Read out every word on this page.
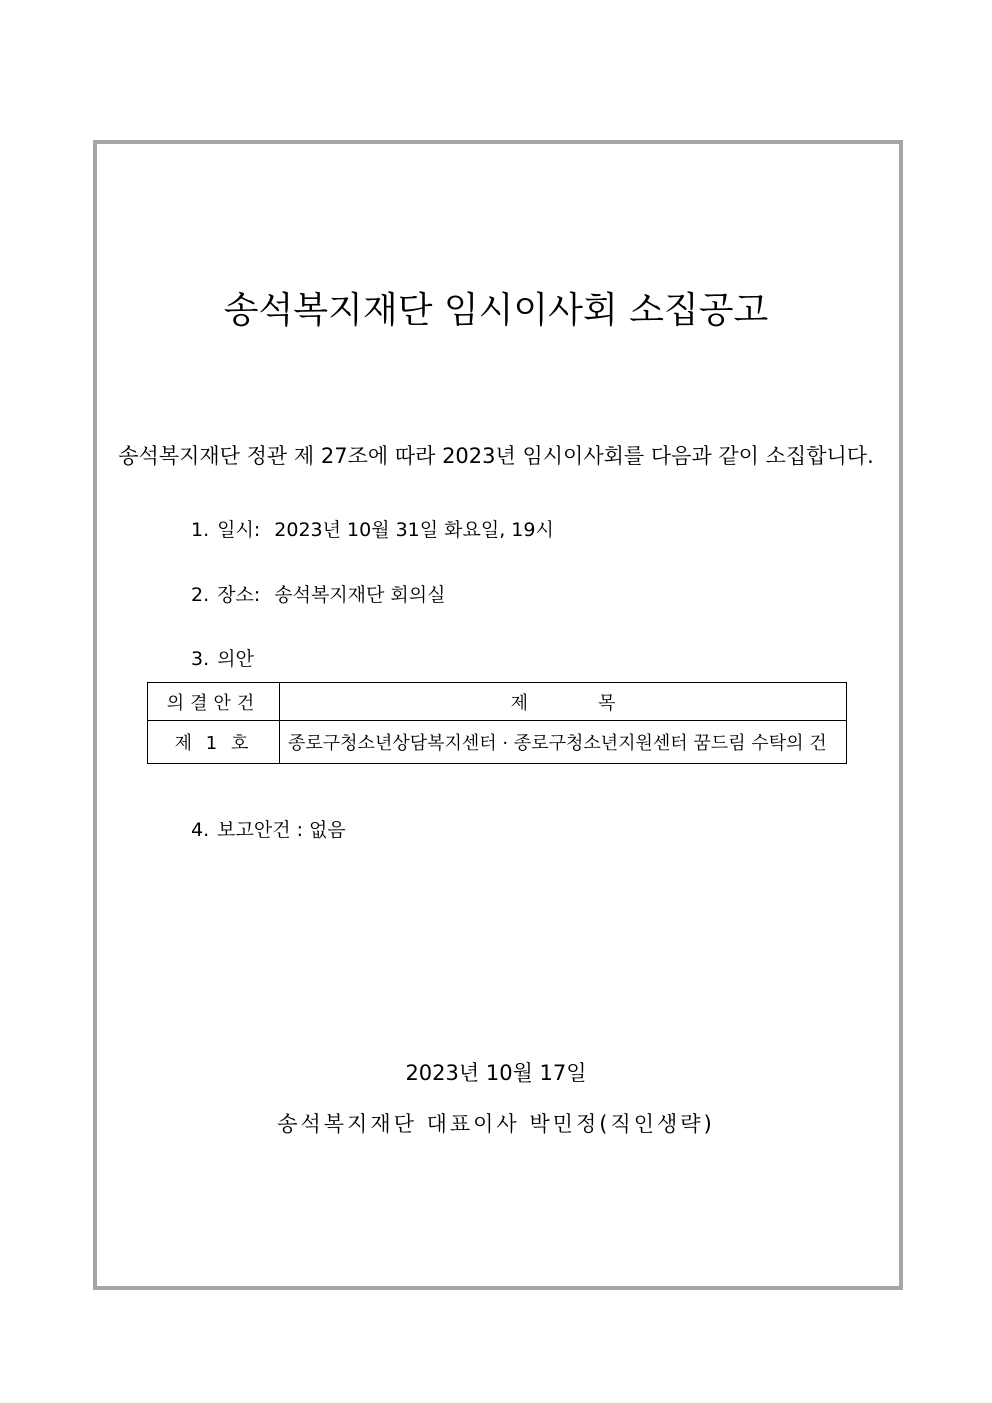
송석복지재단 임시이사회 소집공고
송석복지재단 정관 제 27조에 따라 2023년 임시이사회를 다음과 같이 소집합니다.
1. 일시: 2023년 10월 31일 화요일, 19시
2. 장소: 송석복지재단 회의실
3. 의안
의결안건	제목
제 1 호	종로구청소년상담복지센터 · 종로구청소년지원센터 꿈드림 수탁의 건
4. 보고안건 : 없음
2023년 10월 17일
송석복지재단 대표이사 박민정(직인생략)
